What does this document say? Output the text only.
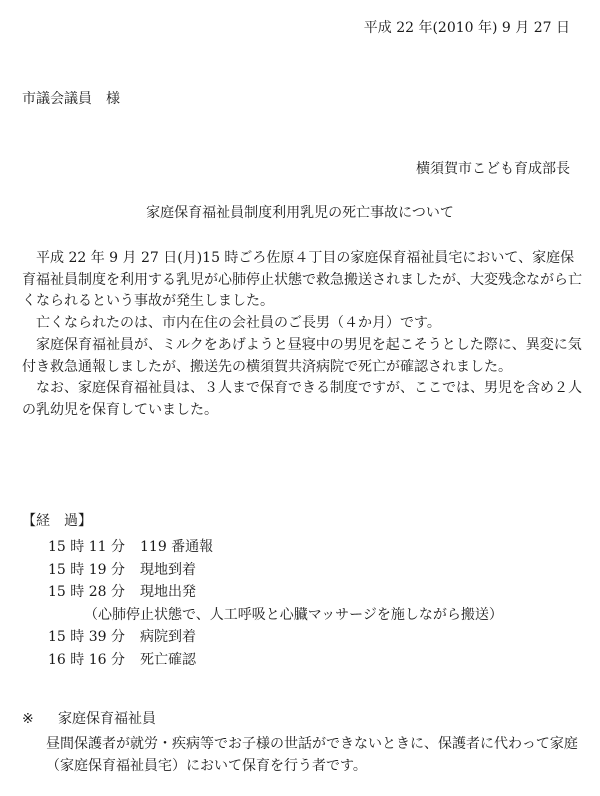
平成 22 年(2010 年) 9 月 27 日
市議会議員　様
横須賀市こども育成部長
家庭保育福祉員制度利用乳児の死亡事故について

　平成 22 年 9 月 27 日(月)15 時ごろ佐原４丁目の家庭保育福祉員宅において、家庭保育福祉員制度を利用する乳児が心肺停止状態で救急搬送されましたが、大変残念ながら亡くなられるという事故が発生しました。

　亡くなられたのは、市内在住の会社員のご長男（４か月）です。

　家庭保育福祉員が、ミルクをあげようと昼寝中の男児を起こそうとした際に、異変に気付き救急通報しましたが、搬送先の横須賀共済病院で死亡が確認されました。

　なお、家庭保育福祉員は、３人まで保育できる制度ですが、ここでは、男児を含め２人の乳幼児を保育していました。

【経　過】
15 時 11 分	119 番通報
15 時 19 分	現地到着
15 時 28 分	現地出発
（心肺停止状態で、人工呼吸と心臓マッサージを施しながら搬送）
15 時 39 分	病院到着
16 時 16 分	死亡確認
※	家庭保育福祉員
昼間保護者が就労・疾病等でお子様の世話ができないときに、保護者に代わって家庭（家庭保育福祉員宅）において保育を行う者です。
